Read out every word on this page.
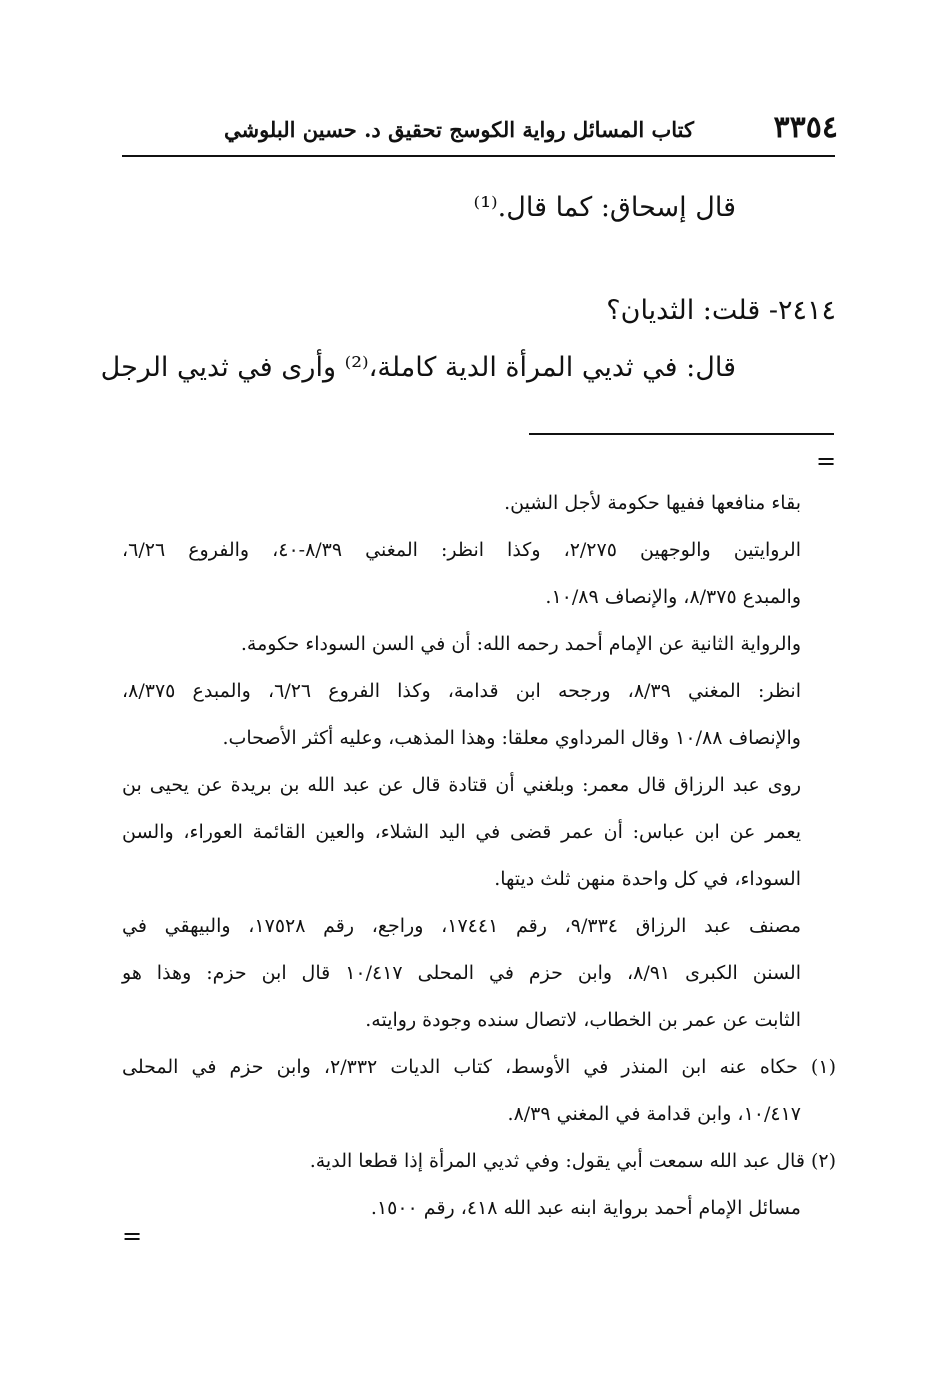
٣٣٥٤
كتاب المسائل رواية الكوسج تحقيق د. حسين البلوشي
قال إسحاق: كما قال.⁽¹⁾
٢٤١٤- قلت: الثديان؟
قال: في ثديي المرأة الدية كاملة،⁽²⁾ وأرى في ثديي الرجل
=
بقاء منافعها ففيها حكومة لأجل الشين.
الروايتين والوجهين ٢/٢٧٥، وكذا انظر: المغني ٨/٣٩-٤٠، والفروع ٦/٢٦،
والمبدع ٨/٣٧٥، والإنصاف ١٠/٨٩.
والرواية الثانية عن الإمام أحمد رحمه الله: أن في السن السوداء حكومة.
انظر: المغني ٨/٣٩، ورجحه ابن قدامة، وكذا الفروع ٦/٢٦، والمبدع ٨/٣٧٥،
والإنصاف ١٠/٨٨ وقال المرداوي معلقا: وهذا المذهب، وعليه أكثر الأصحاب.
روى عبد الرزاق قال معمر: وبلغني أن قتادة قال عن عبد الله بن بريدة عن يحيى بن
يعمر عن ابن عباس: أن عمر قضى في اليد الشلاء، والعين القائمة العوراء، والسن
السوداء، في كل واحدة منهن ثلث ديتها.
مصنف عبد الرزاق ٩/٣٣٤، رقم ١٧٤٤١، وراجع، رقم ١٧٥٢٨، والبيهقي في
السنن الكبرى ٨/٩١، وابن حزم في المحلى ١٠/٤١٧ قال ابن حزم: وهذا هو
الثابت عن عمر بن الخطاب، لاتصال سنده وجودة روايته.
(١) حكاه عنه ابن المنذر في الأوسط، كتاب الديات ٢/٣٣٢، وابن حزم في المحلى
١٠/٤١٧، وابن قدامة في المغني ٨/٣٩.
(٢) قال عبد الله سمعت أبي يقول: وفي ثديي المرأة إذا قطعا الدية.
مسائل الإمام أحمد برواية ابنه عبد الله ٤١٨، رقم ١٥٠٠.
=
